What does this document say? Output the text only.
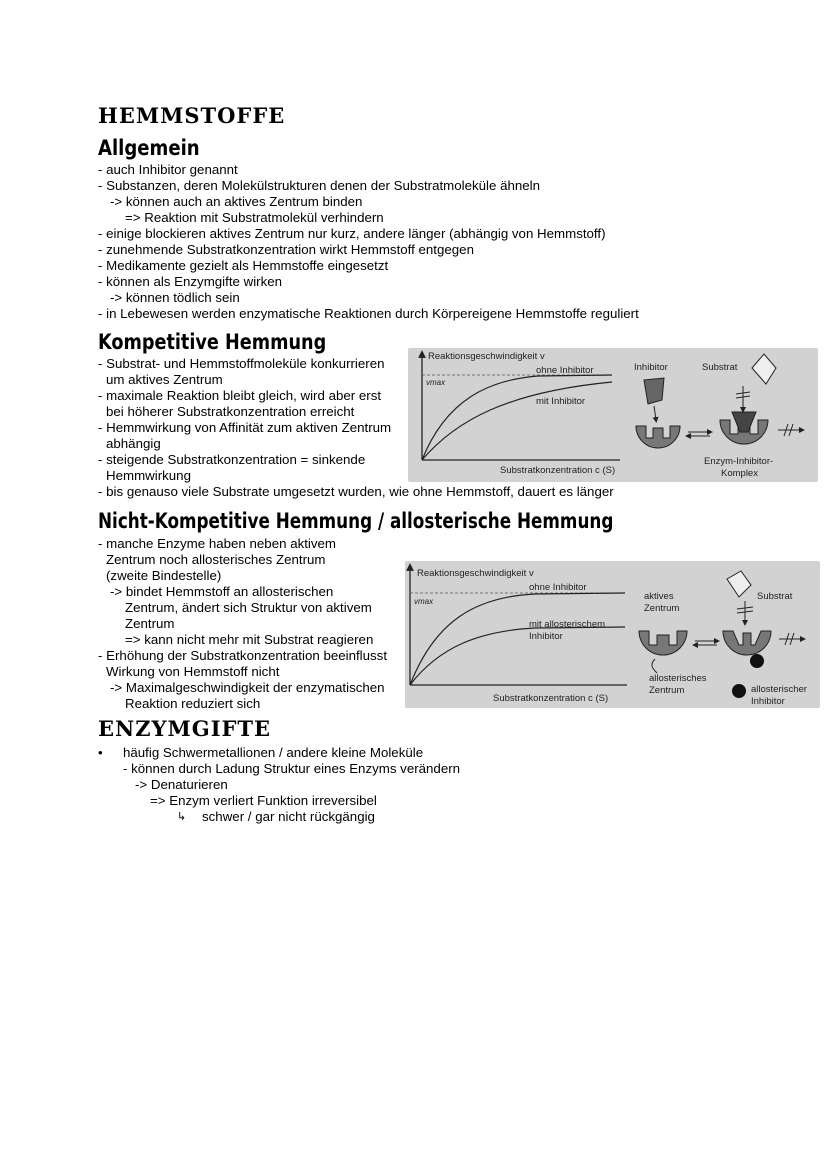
HEMMSTOFFE
Allgemein
- auch Inhibitor genannt
- Substanzen, deren Molekülstrukturen denen der Substratmoleküle ähneln
-> können auch an aktives Zentrum binden
=> Reaktion mit Substratmolekül verhindern
- einige blockieren aktives Zentrum nur kurz, andere länger (abhängig von Hemmstoff)
- zunehmende Substratkonzentration wirkt Hemmstoff entgegen
- Medikamente gezielt als Hemmstoffe eingesetzt
- können als Enzymgifte wirken
-> können tödlich sein
- in Lebewesen werden enzymatische Reaktionen durch Körpereigene Hemmstoffe reguliert
Kompetitive Hemmung
- Substrat- und Hemmstoffmoleküle konkurrieren
um aktives Zentrum
- maximale Reaktion bleibt gleich, wird aber erst
bei höherer Substratkonzentration erreicht
- Hemmwirkung von Affinität zum aktiven Zentrum
abhängig
- steigende Substratkonzentration = sinkende
Hemmwirkung
- bis genauso viele Substrate umgesetzt wurden, wie ohne Hemmstoff, dauert es länger
Reaktionsgeschwindigkeit v
vmax
ohne Inhibitor
mit Inhibitor
Substratkonzentration c (S)
Inhibitor	Substrat
Enzym-Inhibitor-
Komplex
Nicht-Kompetitive Hemmung / allosterische Hemmung
- manche Enzyme haben neben aktivem
Zentrum noch allosterisches Zentrum
(zweite Bindestelle)
-> bindet Hemmstoff an allosterischen
Zentrum, ändert sich Struktur von aktivem
Zentrum
=> kann nicht mehr mit Substrat reagieren
- Erhöhung der Substratkonzentration beeinflusst
Wirkung von Hemmstoff nicht
-> Maximalgeschwindigkeit der enzymatischen
Reaktion reduziert sich
Reaktionsgeschwindigkeit v
vmax
ohne Inhibitor
mit allosterischem
Inhibitor
Substratkonzentration c (S)
aktives
Zentrum
Substrat
allosterisches
Zentrum	allosterischer
Inhibitor
ENZYMGIFTE
• häufig Schwermetallionen / andere kleine Moleküle
- können durch Ladung Struktur eines Enzyms verändern
-> Denaturieren
=> Enzym verliert Funktion irreversibel
↳ schwer / gar nicht rückgängig
